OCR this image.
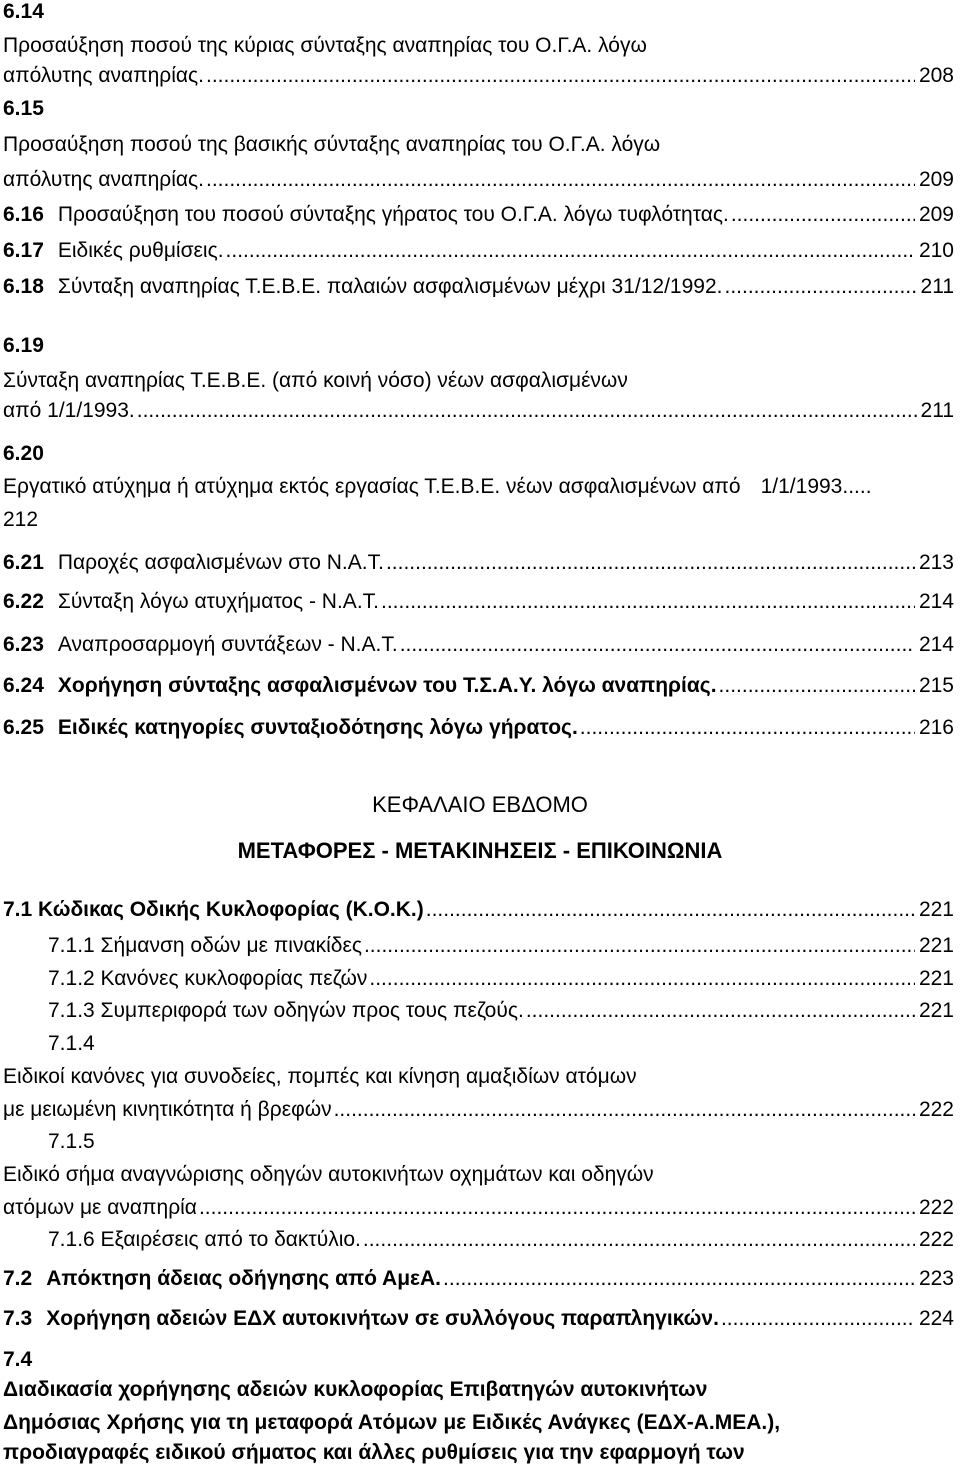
6.14
Προσαύξηση ποσού της κύριας σύνταξης αναπηρίας του Ο.Γ.Α. λόγω
απόλυτης αναπηρίας. .....	208
6.15
Προσαύξηση ποσού της βασικής σύνταξης αναπηρίας του Ο.Γ.Α. λόγω
απόλυτης αναπηρίας. .....	209
6.16 Προσαύξηση του ποσού σύνταξης γήρατος του Ο.Γ.Α. λόγω τυφλότητας. .....	209
6.17 Ειδικές ρυθμίσεις. .....	210
6.18 Σύνταξη αναπηρίας Τ.Ε.Β.Ε. παλαιών ασφαλισμένων μέχρι 31/12/1992. .....	211
6.19
Σύνταξη αναπηρίας Τ.Ε.Β.Ε. (από κοινή νόσο) νέων ασφαλισμένων
από 1/1/1993. .....	211
6.20
Εργατικό ατύχημα ή ατύχημα εκτός εργασίας Τ.Ε.Β.Ε. νέων ασφαλισμένων από 1/1/1993.....
212
6.21 Παροχές ασφαλισμένων στο Ν.Α.Τ. .....	213
6.22 Σύνταξη λόγω ατυχήματος - Ν.Α.Τ. .....	214
6.23 Αναπροσαρμογή συντάξεων - Ν.Α.Τ. .....	214
6.24 Χορήγηση σύνταξης ασφαλισμένων του Τ.Σ.Α.Υ. λόγω αναπηρίας. .....	215
6.25 Ειδικές κατηγορίες συνταξιοδότησης λόγω γήρατος. .....	216
ΚΕΦΑΛΑΙΟ ΕΒΔΟΜΟ
ΜΕΤΑΦΟΡΕΣ - ΜΕΤΑΚΙΝΗΣΕΙΣ - ΕΠΙΚΟΙΝΩΝΙΑ
7.1 Κώδικας Οδικής Κυκλοφορίας (Κ.Ο.Κ.) .....	221
7.1.1 Σήμανση οδών με πινακίδες .....	221
7.1.2 Κανόνες κυκλοφορίας πεζών .....	221
7.1.3 Συμπεριφορά των οδηγών προς τους πεζούς. .....	221
7.1.4
Ειδικοί κανόνες για συνοδείες, πομπές και κίνηση αμαξιδίων ατόμων
με μειωμένη κινητικότητα ή βρεφών .....	222
7.1.5
Ειδικό σήμα αναγνώρισης οδηγών αυτοκινήτων οχημάτων και οδηγών
ατόμων με αναπηρία .....	222
7.1.6 Εξαιρέσεις από το δακτύλιο. .....	222
7.2 Απόκτηση άδειας οδήγησης από ΑμεΑ. .....	223
7.3 Χορήγηση αδειών ΕΔΧ αυτοκινήτων σε συλλόγους παραπληγικών. .....	224
7.4
Διαδικασία χορήγησης αδειών κυκλοφορίας Επιβατηγών αυτοκινήτων
Δημόσιας Χρήσης για τη μεταφορά Ατόμων με Ειδικές Ανάγκες (ΕΔΧ-Α.ΜΕΑ.),
προδιαγραφές ειδικού σήματος και άλλες ρυθμίσεις για την εφαρμογή των
